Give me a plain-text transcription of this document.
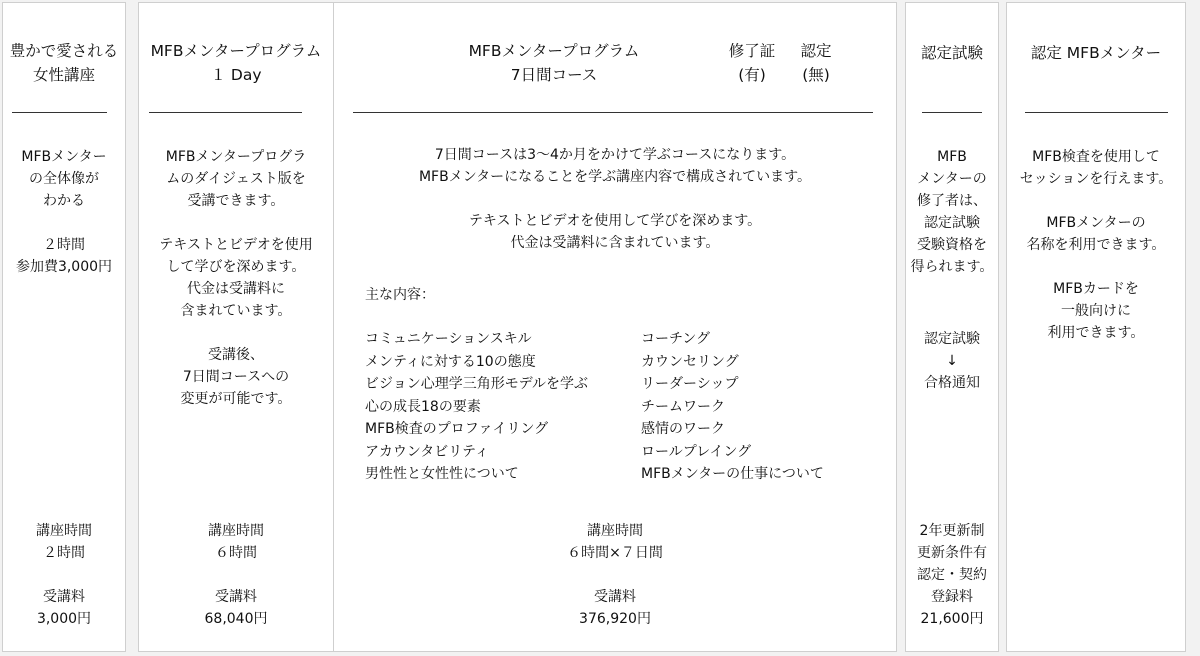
豊かで愛される
女性講座
MFBメンター
の全体像が
わかる

２時間
参加費3,000円
講座時間
２時間

受講料
3,000円
MFBメンタープログラム
１ Day
MFBメンタープログラ
ムのダイジェスト版を
受講できます。

テキストとビデオを使用
して学びを深めます。
代金は受講料に
含まれています。

受講後、
7日間コースへの
変更が可能です。
講座時間
６時間

受講料
68,040円
MFBメンタープログラム
7日間コース
修了証
(有)
認定
(無)
7日間コースは3〜4か月をかけて学ぶコースになります。
MFBメンターになることを学ぶ講座内容で構成されています。

テキストとビデオを使用して学びを深めます。
代金は受講料に含まれています。
主な内容：
コミュニケーションスキル
メンティに対する10の態度
ビジョン心理学三角形モデルを学ぶ
心の成長18の要素
MFB検査のプロファイリング
アカウンタビリティ
男性性と女性性について
コーチング
カウンセリング
リーダーシップ
チームワーク
感情のワーク
ロールプレイング
MFBメンターの仕事について
講座時間
６時間×７日間

受講料
376,920円
認定試験
MFB
メンターの
修了者は、
認定試験
受験資格を
得られます。
認定試験
↓
合格通知
2年更新制
更新条件有
認定・契約
登録料
21,600円
認定 MFBメンター
MFB検査を使用して
セッションを行えます。

MFBメンターの
名称を利用できます。

MFBカードを
一般向けに
利用できます。
